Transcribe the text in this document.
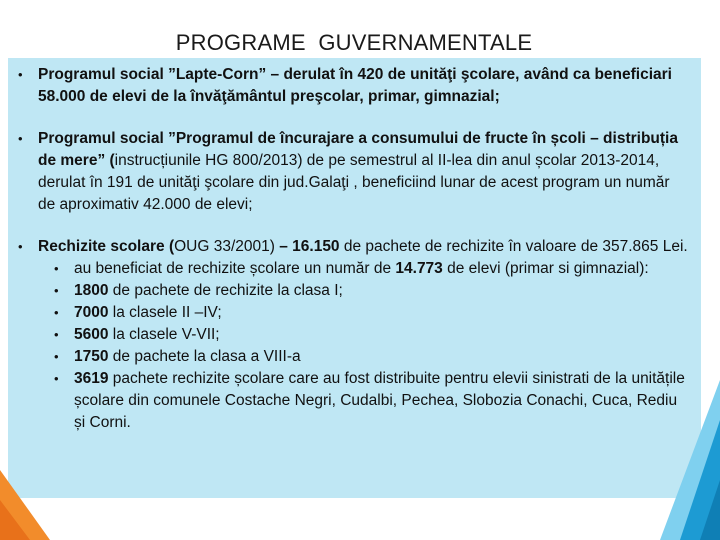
PROGRAME  GUVERNAMENTALE
• Programul social ”Lapte-Corn” – derulat în 420 de unităţi şcolare, având ca beneficiari 58.000 de elevi de la învăţământul preşcolar, primar, gimnazial;
• Programul social ”Programul de încurajare a consumului de fructe în școli – distribuția de mere” (instrucțiunile HG 800/2013) de pe semestrul al II-lea din anul școlar 2013-2014, derulat în 191 de unităţi şcolare din jud.Galaţi , beneficiind lunar de acest program un număr de aproximativ 42.000 de elevi;
• Rechizite scolare (OUG 33/2001) – 16.150 de pachete de rechizite în valoare de 357.865 Lei.
• au beneficiat de rechizite școlare un număr de 14.773 de elevi (primar si gimnazial):
• 1800 de pachete de rechizite la clasa I;
• 7000 la clasele II –IV;
• 5600 la clasele V-VII;
• 1750 de pachete la clasa a VIII-a
• 3619 pachete rechizite școlare care au fost distribuite pentru elevii sinistrati de la unitățile școlare din comunele Costache Negri, Cudalbi, Pechea, Slobozia Conachi, Cuca, Rediu și Corni.
